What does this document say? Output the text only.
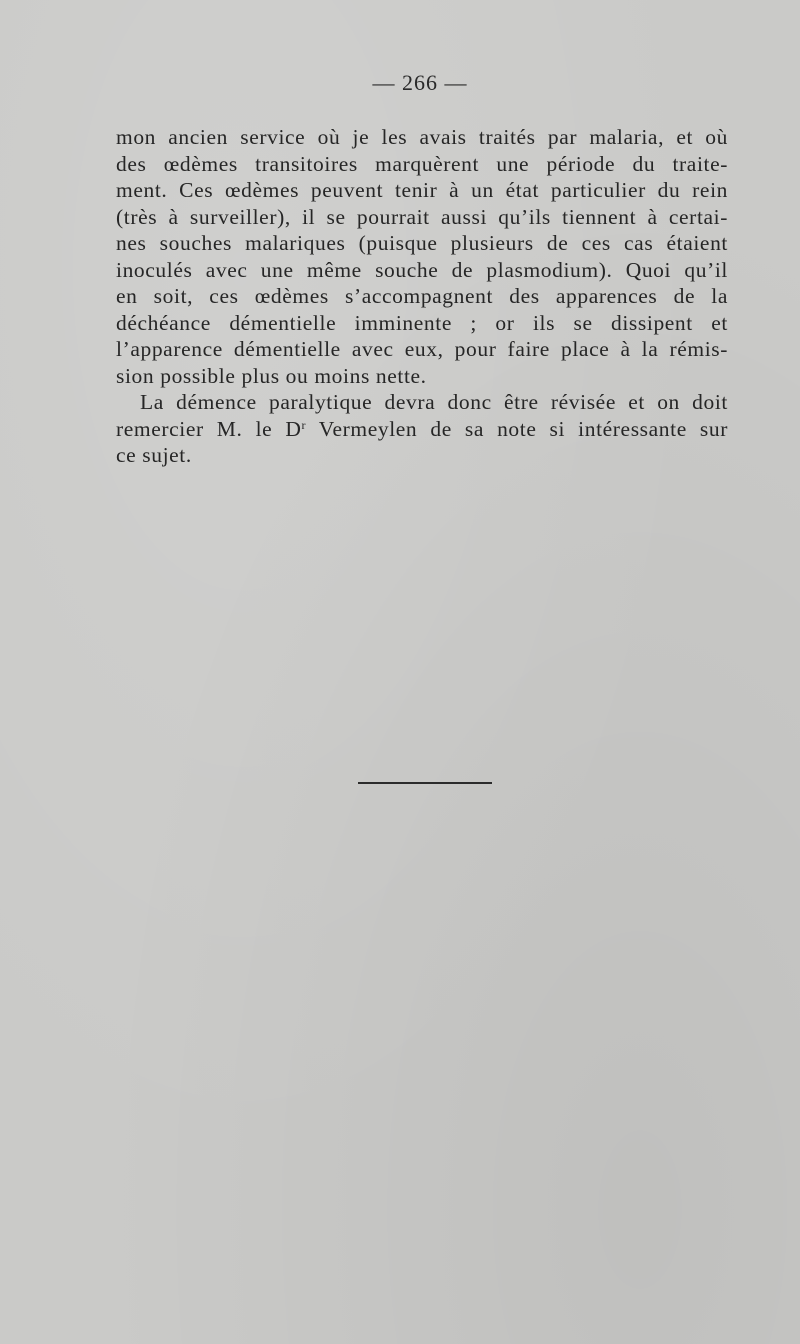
— 266 —
mon ancien service où je les avais traités par malaria, et où
des œdèmes transitoires marquèrent une période du traite-
ment. Ces œdèmes peuvent tenir à un état particulier du rein
(très à surveiller), il se pourrait aussi qu’ils tiennent à certai-
nes souches malariques (puisque plusieurs de ces cas étaient
inoculés avec une même souche de plasmodium). Quoi qu’il
en soit, ces œdèmes s’accompagnent des apparences de la
déchéance démentielle imminente ; or ils se dissipent et
l’apparence démentielle avec eux, pour faire place à la rémis-
sion possible plus ou moins nette.
La démence paralytique devra donc être révisée et on doit
remercier M. le $D^r$ Vermeylen de sa note si intéressante sur
ce sujet.
